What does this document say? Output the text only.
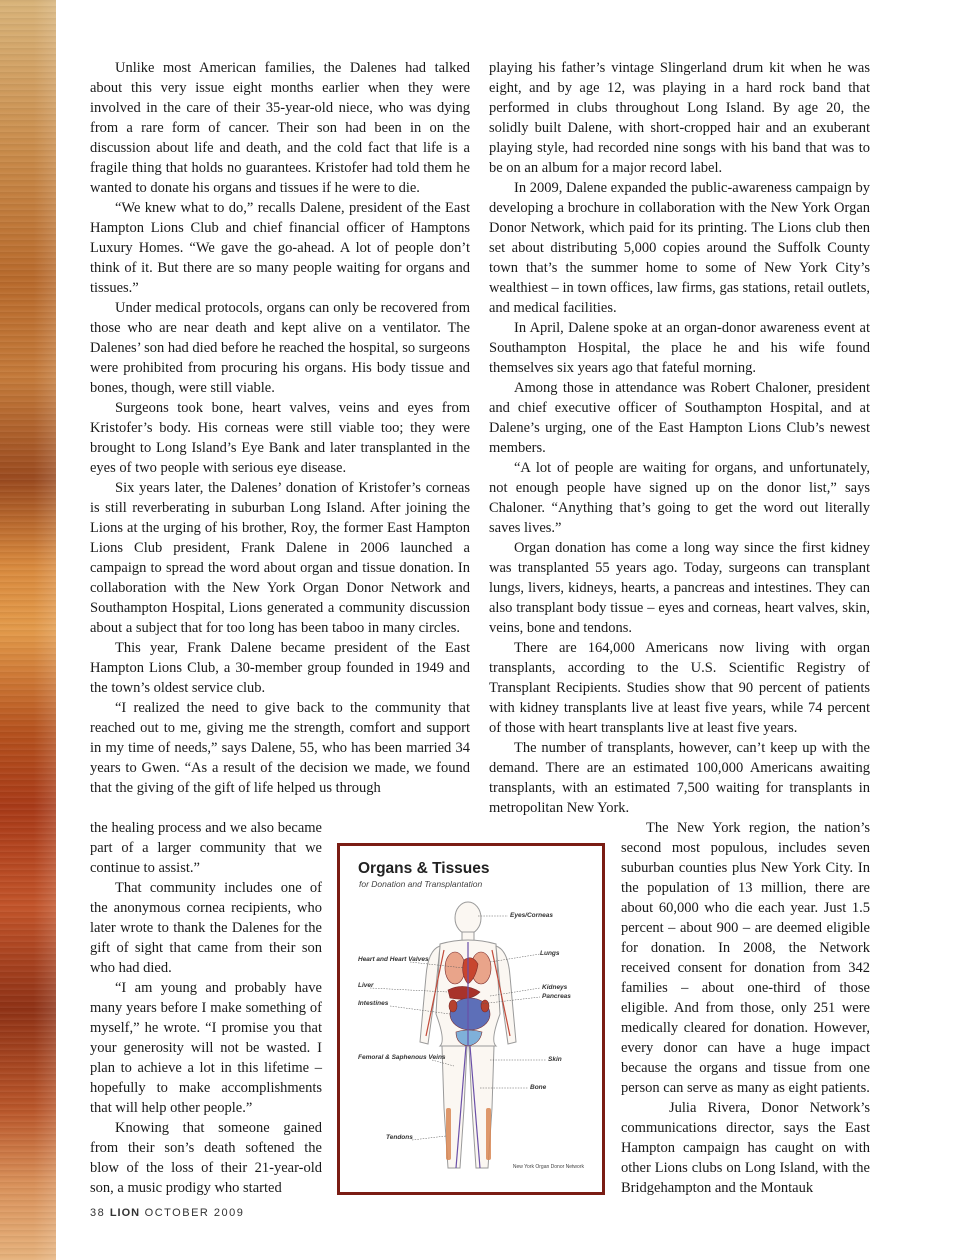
Unlike most American families, the Dalenes had talked about this very issue eight months earlier when they were involved in the care of their 35-year-old niece, who was dying from a rare form of cancer. Their son had been in on the discussion about life and death, and the cold fact that life is a fragile thing that holds no guarantees. Kristofer had told them he wanted to donate his organs and tissues if he were to die.

“We knew what to do,” recalls Dalene, president of the East Hampton Lions Club and chief financial officer of Hamptons Luxury Homes. “We gave the go-ahead. A lot of people don’t think of it. But there are so many people waiting for organs and tissues.”

Under medical protocols, organs can only be recovered from those who are near death and kept alive on a ventilator. The Dalenes’ son had died before he reached the hospital, so surgeons were prohibited from procuring his organs. His body tissue and bones, though, were still viable.

Surgeons took bone, heart valves, veins and eyes from Kristofer’s body. His corneas were still viable too; they were brought to Long Island’s Eye Bank and later transplanted in the eyes of two people with serious eye disease.

Six years later, the Dalenes’ donation of Kristofer’s corneas is still reverberating in suburban Long Island. After joining the Lions at the urging of his brother, Roy, the former East Hampton Lions Club president, Frank Dalene in 2006 launched a campaign to spread the word about organ and tissue donation. In collaboration with the New York Organ Donor Network and Southampton Hospital, Lions generated a community discussion about a subject that for too long has been taboo in many circles.

This year, Frank Dalene became president of the East Hampton Lions Club, a 30-member group founded in 1949 and the town’s oldest service club.

“I realized the need to give back to the community that reached out to me, giving me the strength, comfort and support in my time of needs,” says Dalene, 55, who has been married 34 years to Gwen. “As a result of the decision we made, we found that the giving of the gift of life helped us through

the healing process and we also became part of a larger community that we continue to assist.”

That community includes one of the anonymous cornea recipients, who later wrote to thank the Dalenes for the gift of sight that came from their son who had died.

“I am young and probably have many years before I make something of myself,” he wrote. “I promise you that your generosity will not be wasted. I plan to achieve a lot in this lifetime – hopefully to make accomplishments that will help other people.”

Knowing that someone gained from their son’s death softened the blow of the loss of their 21-year-old son, a music prodigy who started

playing his father’s vintage Slingerland drum kit when he was eight, and by age 12, was playing in a hard rock band that performed in clubs throughout Long Island. By age 20, the solidly built Dalene, with short-cropped hair and an exuberant playing style, had recorded nine songs with his band that was to be on an album for a major record label.

In 2009, Dalene expanded the public-awareness campaign by developing a brochure in collaboration with the New York Organ Donor Network, which paid for its printing. The Lions club then set about distributing 5,000 copies around the Suffolk County town that’s the summer home to some of New York City’s wealthiest – in town offices, law firms, gas stations, retail outlets, and medical facilities.

In April, Dalene spoke at an organ-donor awareness event at Southampton Hospital, the place he and his wife found themselves six years ago that fateful morning.

Among those in attendance was Robert Chaloner, president and chief executive officer of Southampton Hospital, and at Dalene’s urging, one of the East Hampton Lions Club’s newest members.

“A lot of people are waiting for organs, and unfortunately, not enough people have signed up on the donor list,” says Chaloner. “Anything that’s going to get the word out literally saves lives.”

Organ donation has come a long way since the first kidney was transplanted 55 years ago. Today, surgeons can transplant lungs, livers, kidneys, hearts, a pancreas and intestines. They can also transplant body tissue – eyes and corneas, heart valves, skin, veins, bone and tendons.

There are 164,000 Americans now living with organ transplants, according to the U.S. Scientific Registry of Transplant Recipients. Studies show that 90 percent of patients with kidney transplants live at least five years, while 74 percent of those with heart transplants live at least five years.

The number of transplants, however, can’t keep up with the demand. There are an estimated 100,000 Americans awaiting transplants, with an estimated 7,500 waiting for transplants in metropolitan New York.

The New York region, the nation’s second most populous, includes seven suburban counties plus New York City. In the population of 13 million, there are about 60,000 who die each year. Just 1.5 percent – about 900 – are deemed eligible for donation. In 2008, the Network received consent for donation from 342 families – about one-third of those eligible. And from those, only 251 were medically cleared for donation. However, every donor can have a huge impact because the organs and tissue from one person can serve as many as eight patients.

Julia Rivera, Donor Network’s communications director, says the East Hampton campaign has caught on with other Lions clubs on Long Island, with the Bridgehampton and the Montauk

Organs & Tissues
for Donation and Transplantation
Eyes/Corneas
Lungs
Heart and Heart Valves
Liver	Kidneys
Pancreas
Intestines
Femoral & Saphenous Veins	Skin
Bone
Tendons
New York Organ Donor Network
38 LION OCTOBER 2009
